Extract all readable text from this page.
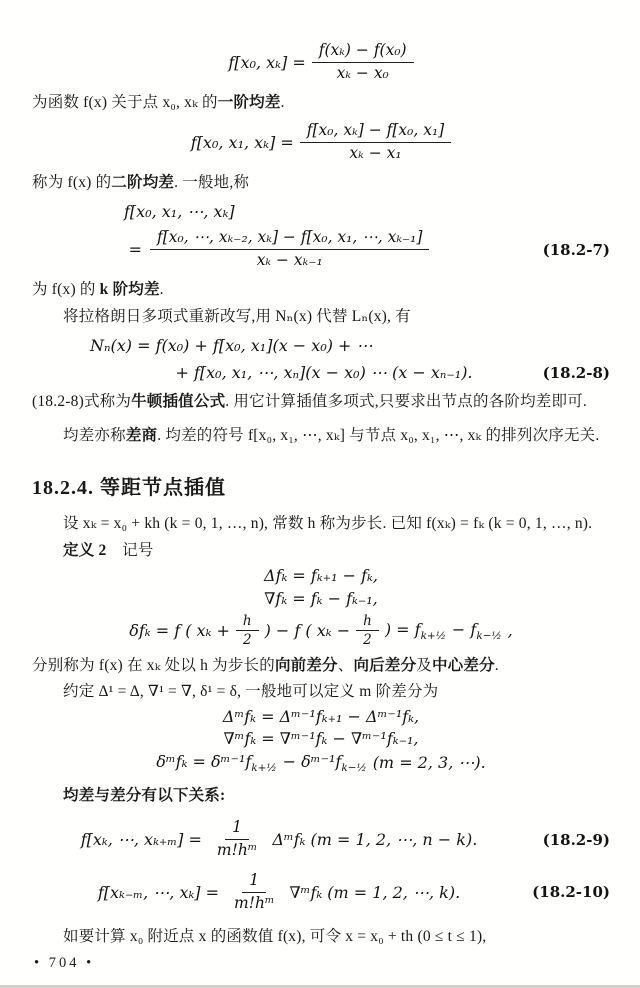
f[x₀, $x_k] = \frac{\text{f(xₖ) − f(x₀)}}{\text{xₖ − x₀}}$

为函数 f(x) 关于点 x₀, xₖ 的一阶均差.

f[x₀, x₁, $x_k] = \frac{\text{f[x₀, xₖ] − f[x₀, x₁]}}{\text{xₖ − x₁}}$

称为 f(x) 的二阶均差. 一般地,称

f[x₀, x₁, ⋯, xₖ]
= $\frac{\text{f[x₀, ⋯, xₖ₋₂, xₖ] − f[x₀, x₁, ⋯, xₖ₋₁]}}{\text{xₖ − xₖ₋₁}}$	(18.2-7)

为 f(x) 的 k 阶均差.

将拉格朗日多项式重新改写,用 Nₙ(x) 代替 Lₙ(x), 有

Nₙ(x) = f(x₀) + f[x₀, x₁](x − x₀) + ⋯
+ f[x₀, x₁, ⋯, xₙ](x − x₀) ⋯ (x − xₙ₋₁).	(18.2-8)

(18.2-8)式称为牛顿插值公式. 用它计算插值多项式,只要求出节点的各阶均差即可.

均差亦称差商. 均差的符号 f[x₀, x₁, ⋯, xₖ] 与节点 x₀, x₁, ⋯, xₖ 的排列次序无关.

18.2.4. 等距节点插值

设 xₖ = x₀ + kh (k = 0, 1, …, n), 常数 h 称为步长. 已知 f(xₖ) = fₖ (k = 0, 1, …, n).

定义 2　记号

Δfₖ = fₖ₊₁ − fₖ,
∇fₖ = fₖ − fₖ₋₁,
δfₖ = f ( $x_k + \frac{h}{2}$ ) − f ( $x_k - \frac{h}{2}$ ) = $f_{k+\frac{1}{2}} - f_{k-\frac{1}{2}}$ ,

分别称为 f(x) 在 xₖ 处以 h 为步长的向前差分、向后差分及中心差分.

约定 Δ¹ = Δ, ∇¹ = ∇, δ¹ = δ, 一般地可以定义 m 阶差分为

Δᵐfₖ = Δᵐ⁻¹fₖ₊₁ − Δᵐ⁻¹fₖ,
∇ᵐfₖ = ∇ᵐ⁻¹fₖ − ∇ᵐ⁻¹fₖ₋₁,
δᵐfₖ = $\delta ᵐ^{-1}f_{k+\frac{1}{2}}$ − $\delta ᵐ^{-1}f_{k-\frac{1}{2}}$ (m = 2, 3, ⋯).

均差与差分有以下关系:

f[xₖ, ⋯, $x_{k+m}] = \frac{1}{\text{m!hᵐ}}$ Δᵐfₖ (m = 1, 2, ⋯, n − k).	(18.2-9)
f[xₖ₋ₘ, ⋯, $x_k] = \frac{1}{\text{m!hᵐ}}$ ∇ᵐfₖ (m = 1, 2, ⋯, k).	(18.2-10)

如要计算 x₀ 附近点 x 的函数值 f(x), 可令 x = x₀ + th (0 ≤ t ≤ 1),

• 704 •
